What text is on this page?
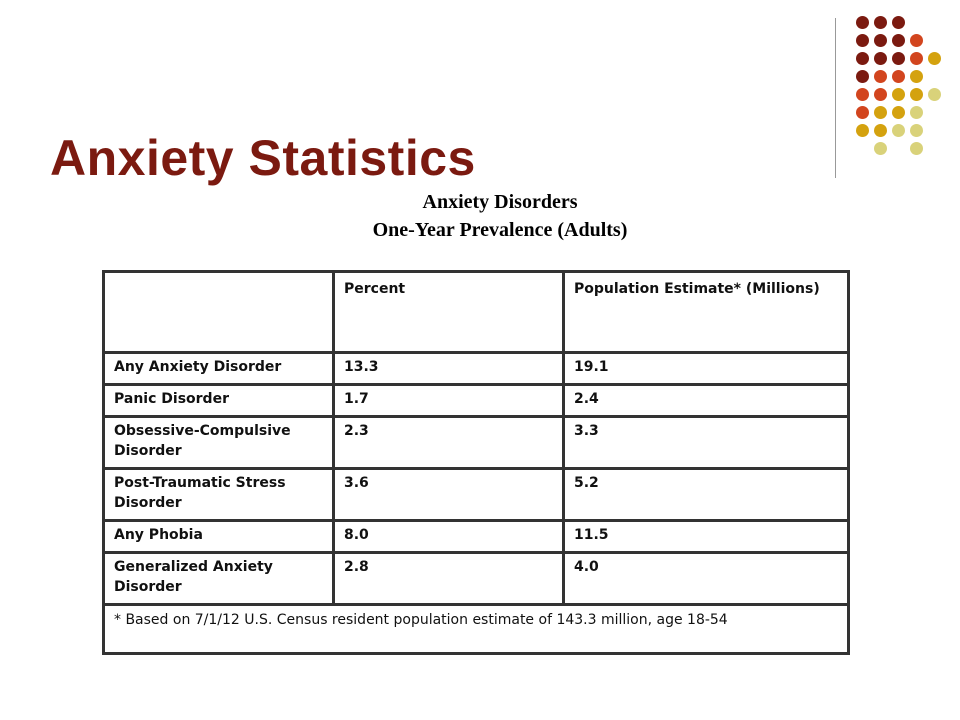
Anxiety Statistics
Anxiety Disorders
One-Year Prevalence (Adults)
	Percent	Population Estimate* (Millions)
Any Anxiety Disorder	13.3	19.1
Panic Disorder	1.7	2.4
Obsessive-Compulsive Disorder	2.3	3.3
Post-Traumatic Stress Disorder	3.6	5.2
Any Phobia	8.0	11.5
Generalized Anxiety Disorder	2.8	4.0
* Based on 7/1/12 U.S. Census resident population estimate of 143.3 million, age 18-54		
